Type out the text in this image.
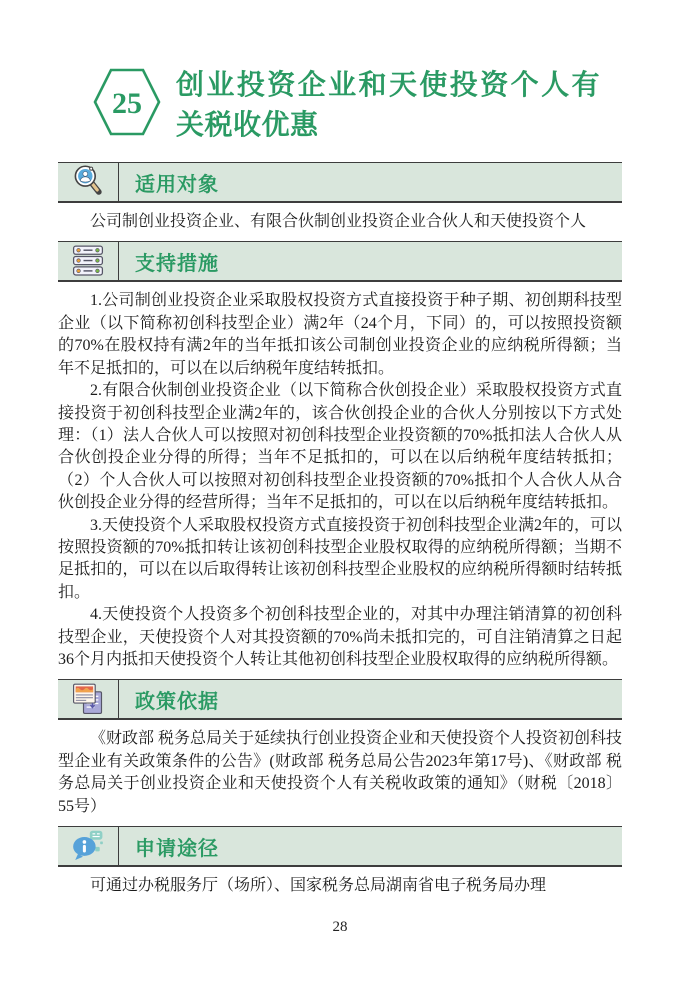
25
创业投资企业和天使投资个人有关税收优惠
适用对象

公司制创业投资企业、有限合伙制创业投资企业合伙人和天使投资个人

支持措施

1.公司制创业投资企业采取股权投资方式直接投资于种子期、初创期科技型企业（以下简称初创科技型企业）满2年（24个月，下同）的，可以按照投资额的70%在股权持有满2年的当年抵扣该公司制创业投资企业的应纳税所得额；当年不足抵扣的，可以在以后纳税年度结转抵扣。

2.有限合伙制创业投资企业（以下简称合伙创投企业）采取股权投资方式直接投资于初创科技型企业满2年的，该合伙创投企业的合伙人分别按以下方式处理：（1）法人合伙人可以按照对初创科技型企业投资额的70%抵扣法人合伙人从合伙创投企业分得的所得；当年不足抵扣的，可以在以后纳税年度结转抵扣；（2）个人合伙人可以按照对初创科技型企业投资额的70%抵扣个人合伙人从合伙创投企业分得的经营所得；当年不足抵扣的，可以在以后纳税年度结转抵扣。

3.天使投资个人采取股权投资方式直接投资于初创科技型企业满2年的，可以按照投资额的70%抵扣转让该初创科技型企业股权取得的应纳税所得额；当期不足抵扣的，可以在以后取得转让该初创科技型企业股权的应纳税所得额时结转抵扣。

4.天使投资个人投资多个初创科技型企业的，对其中办理注销清算的初创科技型企业，天使投资个人对其投资额的70%尚未抵扣完的，可自注销清算之日起36个月内抵扣天使投资个人转让其他初创科技型企业股权取得的应纳税所得额。

政策依据

《财政部 税务总局关于延续执行创业投资企业和天使投资个人投资初创科技型企业有关政策条件的公告》(财政部 税务总局公告2023年第17号)、《财政部 税务总局关于创业投资企业和天使投资个人有关税收政策的通知》（财税〔2018〕55号）

申请途径

可通过办税服务厅（场所）、国家税务总局湖南省电子税务局办理

28
